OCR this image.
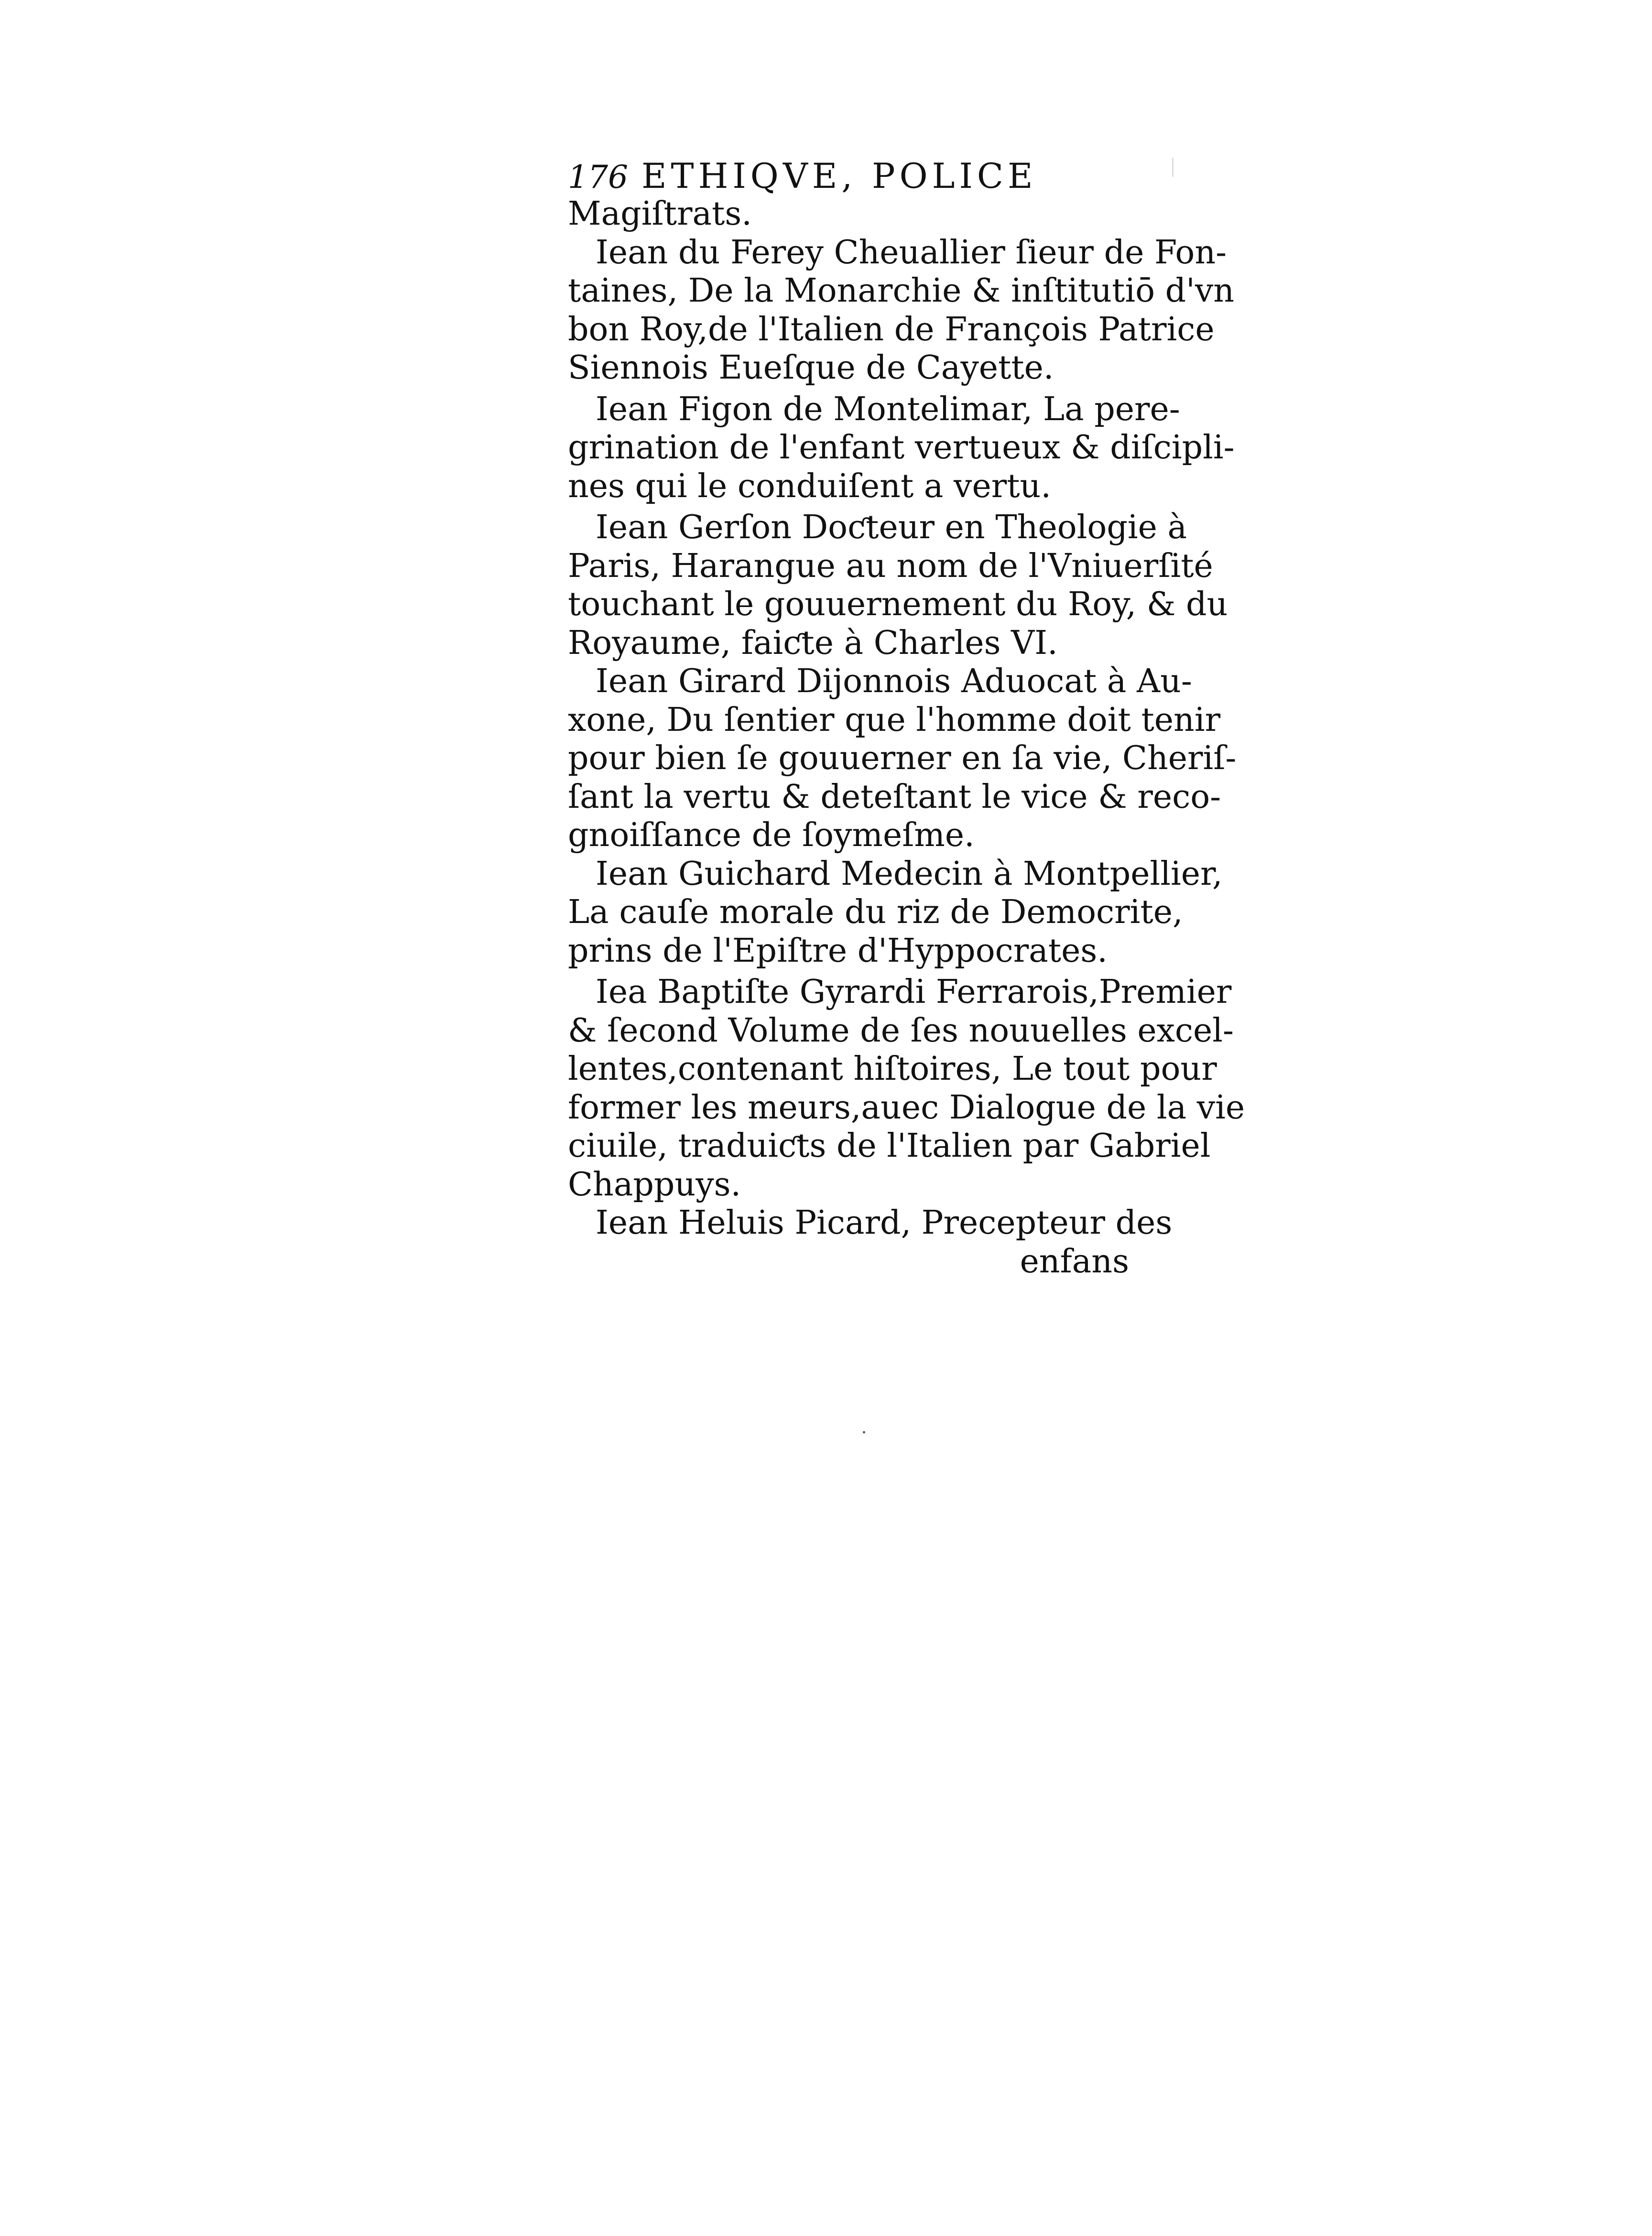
176 ETHIQVE, POLICE
Magiſtrats.
Iean du Ferey Cheuallier ſieur de Fon-
taines, De la Monarchie & inſtitutiō d'vn
bon Roy,de l'Italien de François Patrice
Siennois Eueſque de Cayette.
Iean Figon de Montelimar, La pere-
grination de l'enfant vertueux & diſcipli-
nes qui le conduiſent a vertu.
Iean Gerſon Doƈteur en Theologie à
Paris, Harangue au nom de l'Vniuerſité
touchant le gouuernement du Roy, & du
Royaume, faiƈte à Charles VI.
Iean Girard Dijonnois Aduocat à Au-
xone, Du ſentier que l'homme doit tenir
pour bien ſe gouuerner en ſa vie, Cheriſ-
ſant la vertu & deteſtant le vice & reco-
gnoiſſance de ſoymeſme.
Iean Guichard Medecin à Montpellier,
La cauſe morale du riz de Democrite,
prins de l'Epiſtre d'Hyppocrates.
Iea Baptiſte Gyrardi Ferrarois,Premier
& ſecond Volume de ſes nouuelles excel-
lentes,contenant hiſtoires, Le tout pour
former les meurs,auec Dialogue de la vie
ciuile, traduiƈts de l'Italien par Gabriel
Chappuys.
Iean Heluis Picard, Precepteur des
enfans
